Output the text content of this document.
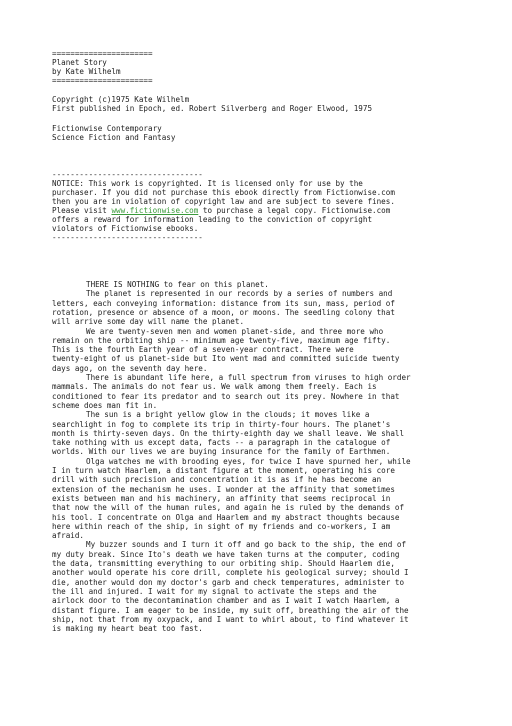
======================
Planet Story
by Kate Wilhelm
======================
Copyright (c)1975 Kate Wilhelm
First published in Epoch, ed. Robert Silverberg and Roger Elwood, 1975
Fictionwise Contemporary
Science Fiction and Fantasy
---------------------------------
NOTICE: This work is copyrighted. It is licensed only for use by the
purchaser. If you did not purchase this ebook directly from Fictionwise.com
then you are in violation of copyright law and are subject to severe fines.
Please visit www.fictionwise.com to purchase a legal copy. Fictionwise.com
offers a reward for information leading to the conviction of copyright
violators of Fictionwise ebooks.
---------------------------------
THERE IS NOTHING to fear on this planet.
The planet is represented in our records by a series of numbers and
letters, each conveying information: distance from its sun, mass, period of
rotation, presence or absence of a moon, or moons. The seedling colony that
will arrive some day will name the planet.
We are twenty-seven men and women planet-side, and three more who
remain on the orbiting ship -- minimum age twenty-five, maximum age fifty.
This is the fourth Earth year of a seven-year contract. There were
twenty-eight of us planet-side but Ito went mad and committed suicide twenty
days ago, on the seventh day here.
There is abundant life here, a full spectrum from viruses to high order
mammals. The animals do not fear us. We walk among them freely. Each is
conditioned to fear its predator and to search out its prey. Nowhere in that
scheme does man fit in.
The sun is a bright yellow glow in the clouds; it moves like a
searchlight in fog to complete its trip in thirty-four hours. The planet's
month is thirty-seven days. On the thirty-eighth day we shall leave. We shall
take nothing with us except data, facts -- a paragraph in the catalogue of
worlds. With our lives we are buying insurance for the family of Earthmen.
Olga watches me with brooding eyes, for twice I have spurned her, while
I in turn watch Haarlem, a distant figure at the moment, operating his core
drill with such precision and concentration it is as if he has become an
extension of the mechanism he uses. I wonder at the affinity that sometimes
exists between man and his machinery, an affinity that seems reciprocal in
that now the will of the human rules, and again he is ruled by the demands of
his tool. I concentrate on Olga and Haarlem and my abstract thoughts because
here within reach of the ship, in sight of my friends and co-workers, I am
afraid.
My buzzer sounds and I turn it off and go back to the ship, the end of
my duty break. Since Ito's death we have taken turns at the computer, coding
the data, transmitting everything to our orbiting ship. Should Haarlem die,
another would operate his core drill, complete his geological survey; should I
die, another would don my doctor's garb and check temperatures, administer to
the ill and injured. I wait for my signal to activate the steps and the
airlock door to the decontamination chamber and as I wait I watch Haarlem, a
distant figure. I am eager to be inside, my suit off, breathing the air of the
ship, not that from my oxypack, and I want to whirl about, to find whatever it
is making my heart beat too fast.
